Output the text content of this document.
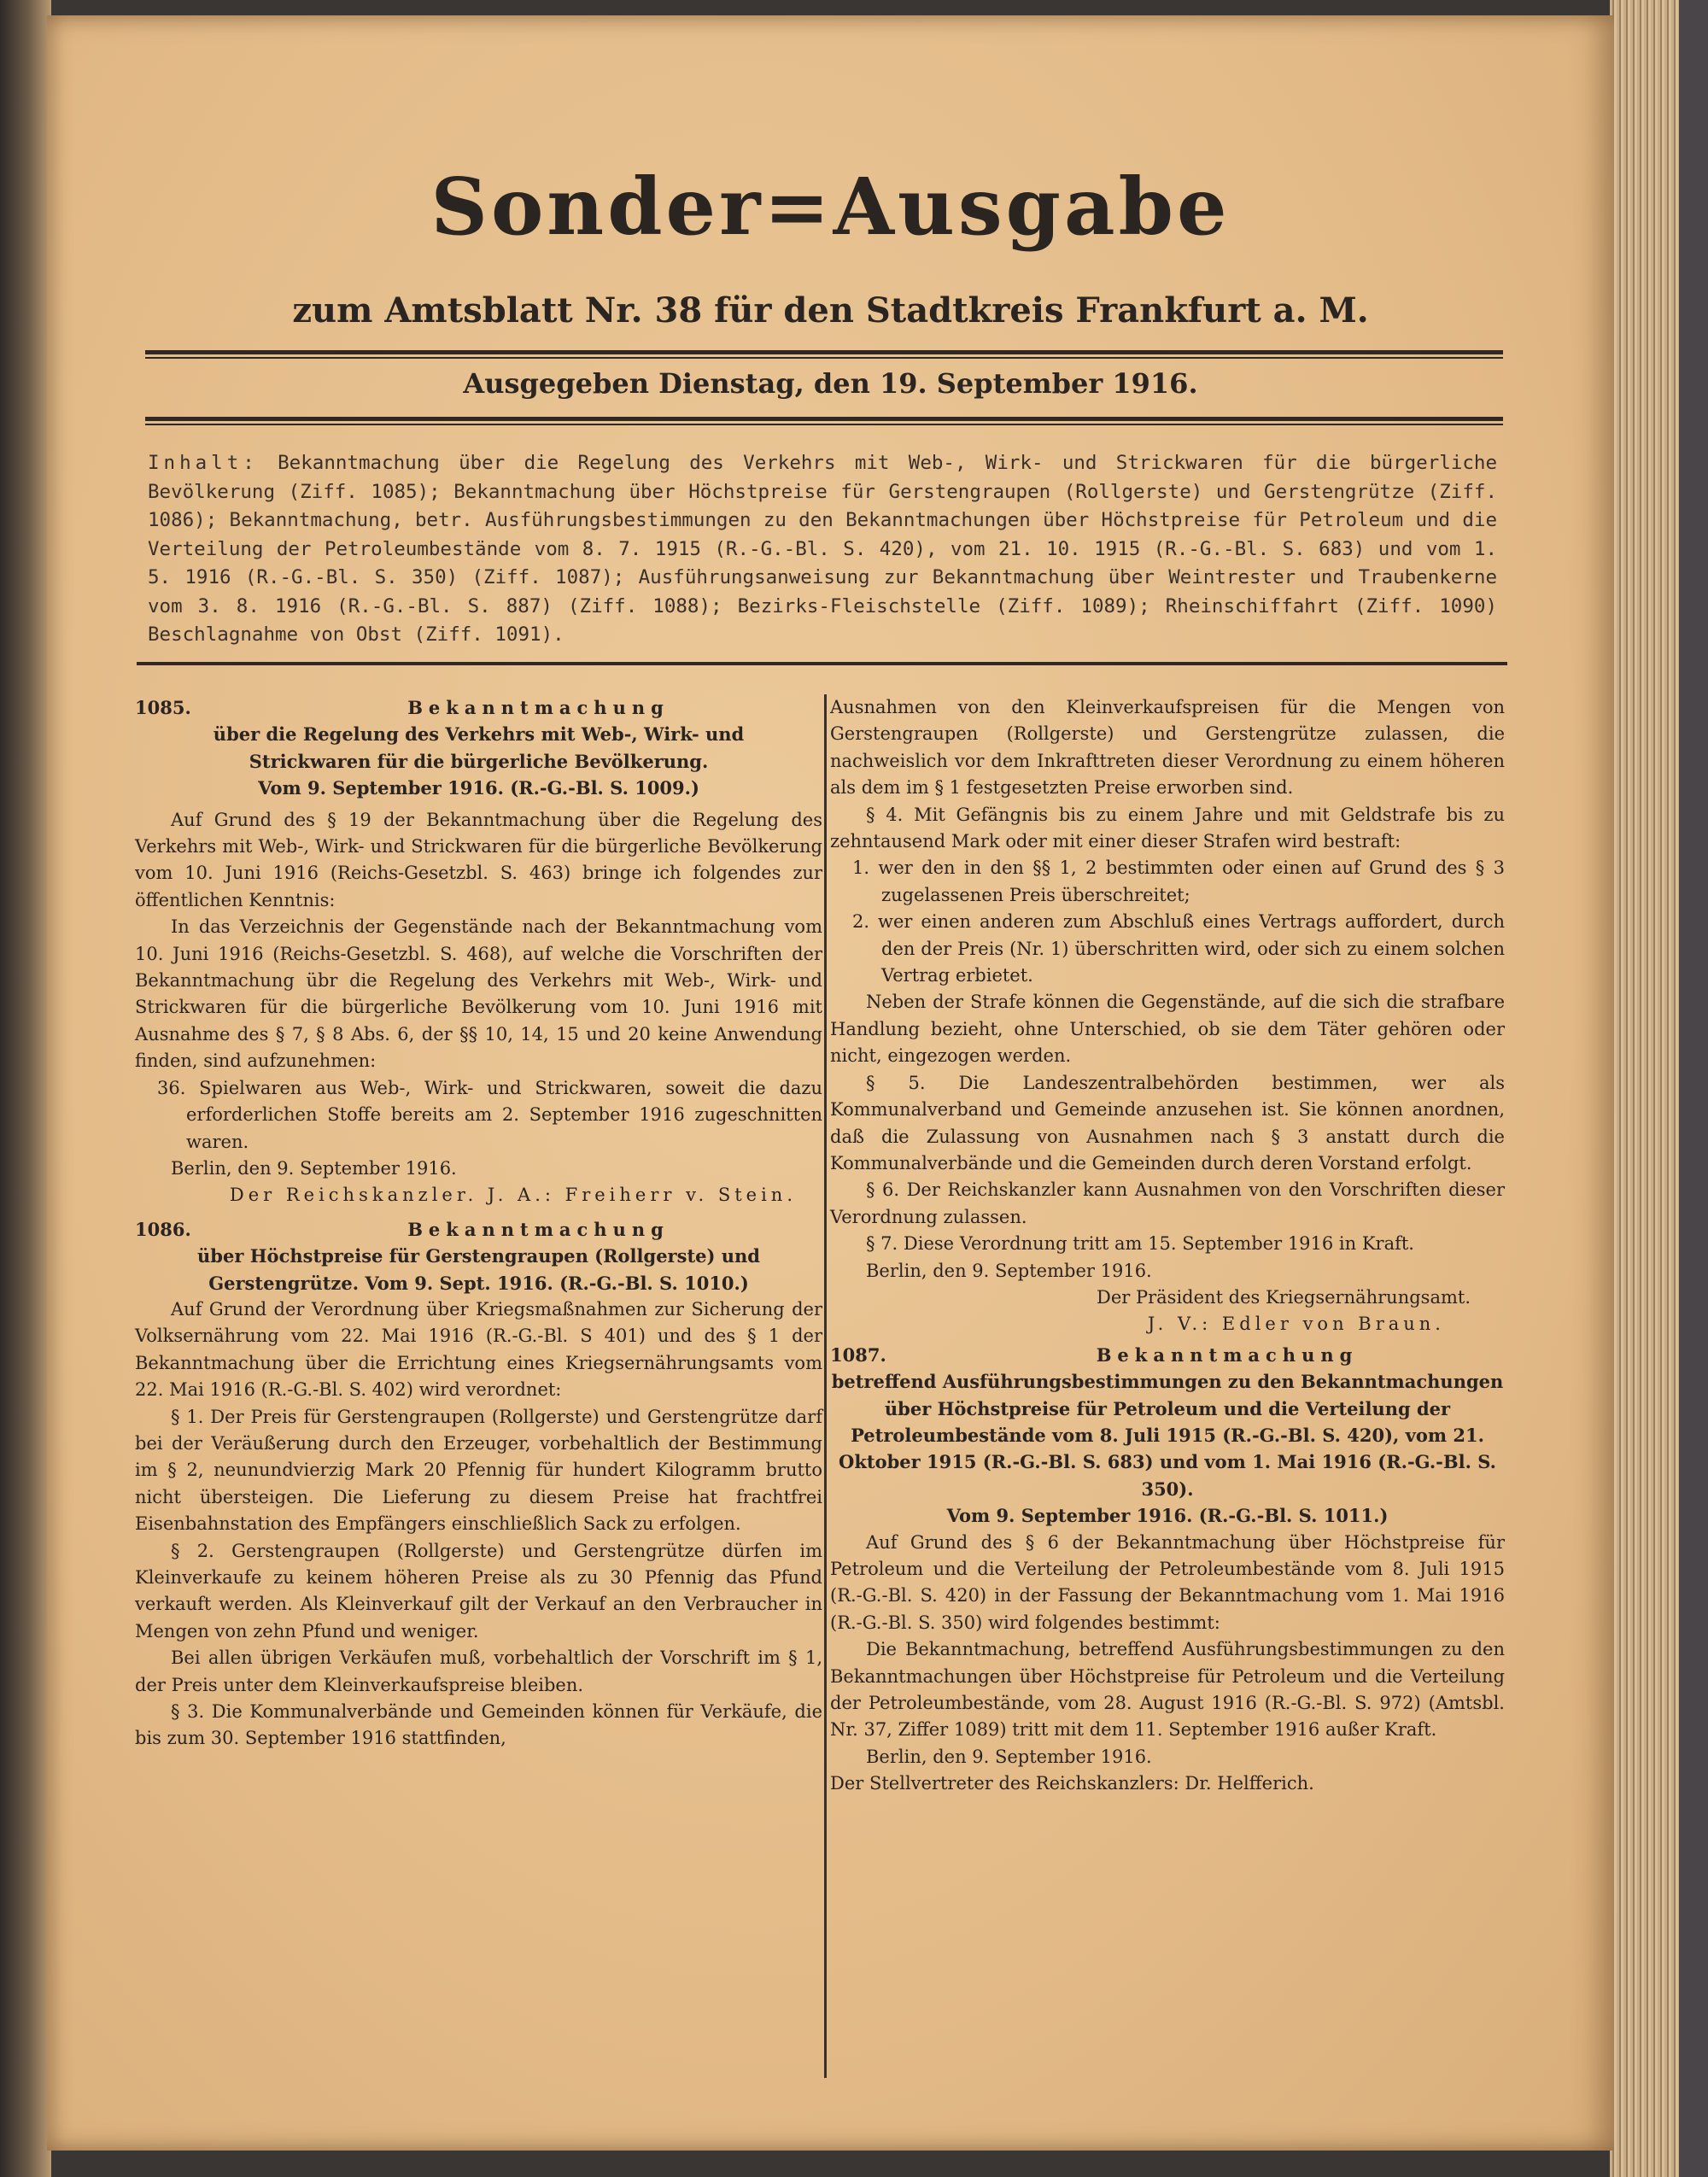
Sonder=Ausgabe
zum Amtsblatt Nr. 38 für den Stadtkreis Frankfurt a. M.
Ausgegeben Dienstag, den 19. September 1916.

Inhalt: Bekanntmachung über die Regelung des Verkehrs mit Web-, Wirk- und Strickwaren für die bürgerliche Bevölkerung (Ziff. 1085); Bekanntmachung über Höchstpreise für Gerstengraupen (Rollgerste) und Gerstengrütze (Ziff. 1086); Bekanntmachung, betr. Ausführungsbestimmungen zu den Bekanntmachungen über Höchstpreise für Petroleum und die Verteilung der Petroleumbestände vom 8. 7. 1915 (R.-G.-Bl. S. 420), vom 21. 10. 1915 (R.-G.-Bl. S. 683) und vom 1. 5. 1916 (R.-G.-Bl. S. 350) (Ziff. 1087); Ausführungsanweisung zur Bekanntmachung über Weintrester und Traubenkerne vom 3. 8. 1916 (R.-G.-Bl. S. 887) (Ziff. 1088); Bezirks-Fleischstelle (Ziff. 1089); Rheinschiffahrt (Ziff. 1090) Beschlagnahme von Obst (Ziff. 1091).

1085.	Bekanntmachung

über die Regelung des Verkehrs mit Web-, Wirk- und Strickwaren für die bürgerliche Bevölkerung.

Vom 9. September 1916. (R.-G.-Bl. S. 1009.)

Auf Grund des § 19 der Bekanntmachung über die Regelung des Verkehrs mit Web-, Wirk- und Strickwaren für die bürgerliche Bevölkerung vom 10. Juni 1916 (Reichs-Gesetzbl. S. 463) bringe ich folgendes zur öffentlichen Kenntnis:

In das Verzeichnis der Gegenstände nach der Bekanntmachung vom 10. Juni 1916 (Reichs-Gesetzbl. S. 468), auf welche die Vorschriften der Bekanntmachung übr die Regelung des Verkehrs mit Web-, Wirk- und Strickwaren für die bürgerliche Bevölkerung vom 10. Juni 1916 mit Ausnahme des § 7, § 8 Abs. 6, der §§ 10, 14, 15 und 20 keine Anwendung finden, sind aufzunehmen:

36. Spielwaren aus Web-, Wirk- und Strickwaren, soweit die dazu erforderlichen Stoffe bereits am 2. September 1916 zugeschnitten waren.

Berlin, den 9. September 1916.

Der Reichskanzler. J. A.: Freiherr v. Stein.

1086.	Bekanntmachung

über Höchstpreise für Gerstengraupen (Rollgerste) und Gerstengrütze. Vom 9. Sept. 1916. (R.-G.-Bl. S. 1010.)

Auf Grund der Verordnung über Kriegsmaßnahmen zur Sicherung der Volksernährung vom 22. Mai 1916 (R.-G.-Bl. S 401) und des § 1 der Bekanntmachung über die Errichtung eines Kriegsernährungsamts vom 22. Mai 1916 (R.-G.-Bl. S. 402) wird verordnet:

§ 1. Der Preis für Gerstengraupen (Rollgerste) und Gerstengrütze darf bei der Veräußerung durch den Erzeuger, vorbehaltlich der Bestimmung im § 2, neunundvierzig Mark 20 Pfennig für hundert Kilogramm brutto nicht übersteigen. Die Lieferung zu diesem Preise hat frachtfrei Eisenbahnstation des Empfängers einschließlich Sack zu erfolgen.

§ 2. Gerstengraupen (Rollgerste) und Gerstengrütze dürfen im Kleinverkaufe zu keinem höheren Preise als zu 30 Pfennig das Pfund verkauft werden. Als Kleinverkauf gilt der Verkauf an den Verbraucher in Mengen von zehn Pfund und weniger.

Bei allen übrigen Verkäufen muß, vorbehaltlich der Vorschrift im § 1, der Preis unter dem Kleinverkaufspreise bleiben.

§ 3. Die Kommunalverbände und Gemeinden können für Verkäufe, die bis zum 30. September 1916 stattfinden,

Ausnahmen von den Kleinverkaufspreisen für die Mengen von Gerstengraupen (Rollgerste) und Gerstengrütze zulassen, die nachweislich vor dem Inkrafttreten dieser Verordnung zu einem höheren als dem im § 1 festgesetzten Preise erworben sind.

§ 4. Mit Gefängnis bis zu einem Jahre und mit Geldstrafe bis zu zehntausend Mark oder mit einer dieser Strafen wird bestraft:

1. wer den in den §§ 1, 2 bestimmten oder einen auf Grund des § 3 zugelassenen Preis überschreitet;

2. wer einen anderen zum Abschluß eines Vertrags auffordert, durch den der Preis (Nr. 1) überschritten wird, oder sich zu einem solchen Vertrag erbietet.

Neben der Strafe können die Gegenstände, auf die sich die strafbare Handlung bezieht, ohne Unterschied, ob sie dem Täter gehören oder nicht, eingezogen werden.

§ 5. Die Landeszentralbehörden bestimmen, wer als Kommunalverband und Gemeinde anzusehen ist. Sie können anordnen, daß die Zulassung von Ausnahmen nach § 3 anstatt durch die Kommunalverbände und die Gemeinden durch deren Vorstand erfolgt.

§ 6. Der Reichskanzler kann Ausnahmen von den Vorschriften dieser Verordnung zulassen.

§ 7. Diese Verordnung tritt am 15. September 1916 in Kraft.

Berlin, den 9. September 1916.

Der Präsident des Kriegsernährungsamt.

J. V.: Edler von Braun.

1087.	Bekanntmachung

betreffend Ausführungsbestimmungen zu den Bekanntmachungen über Höchstpreise für Petroleum und die Verteilung der Petroleumbestände vom 8. Juli 1915 (R.-G.-Bl. S. 420), vom 21. Oktober 1915 (R.-G.-Bl. S. 683) und vom 1. Mai 1916 (R.-G.-Bl. S. 350).

Vom 9. September 1916. (R.-G.-Bl. S. 1011.)

Auf Grund des § 6 der Bekanntmachung über Höchstpreise für Petroleum und die Verteilung der Petroleumbestände vom 8. Juli 1915 (R.-G.-Bl. S. 420) in der Fassung der Bekanntmachung vom 1. Mai 1916 (R.-G.-Bl. S. 350) wird folgendes bestimmt:

Die Bekanntmachung, betreffend Ausführungsbestimmungen zu den Bekanntmachungen über Höchstpreise für Petroleum und die Verteilung der Petroleumbestände, vom 28. August 1916 (R.-G.-Bl. S. 972) (Amtsbl. Nr. 37, Ziffer 1089) tritt mit dem 11. September 1916 außer Kraft.

Berlin, den 9. September 1916.

Der Stellvertreter des Reichskanzlers: Dr. Helfferich.
